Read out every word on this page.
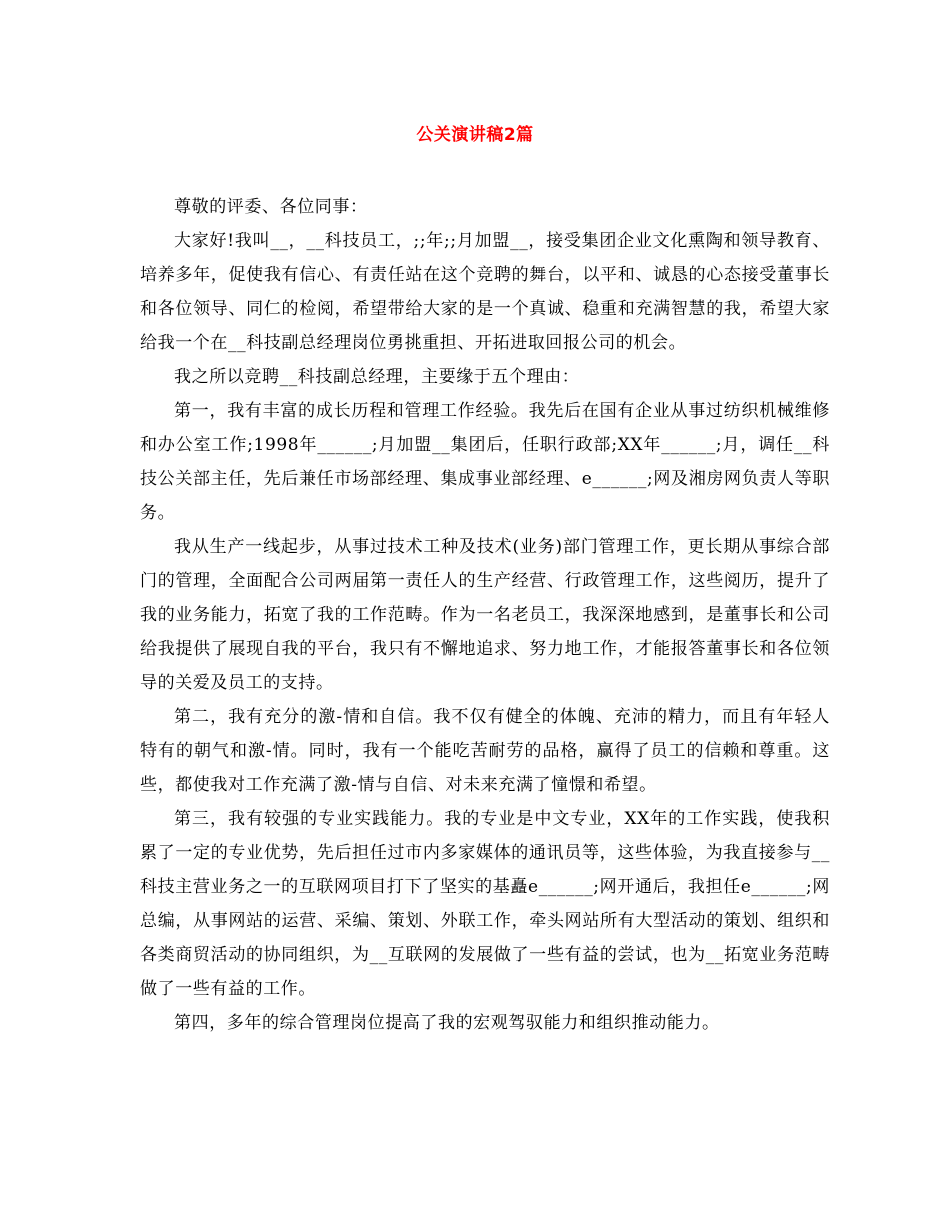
公关演讲稿2篇

尊敬的评委、各位同事：

大家好!我叫__，__科技员工，;;年;;月加盟__，接受集团企业文化熏陶和领导教育、培养多年，促使我有信心、有责任站在这个竞聘的舞台，以平和、诚恳的心态接受董事长和各位领导、同仁的检阅，希望带给大家的是一个真诚、稳重和充满智慧的我，希望大家给我一个在__科技副总经理岗位勇挑重担、开拓进取回报公司的机会。

我之所以竞聘__科技副总经理，主要缘于五个理由：

第一，我有丰富的成长历程和管理工作经验。我先后在国有企业从事过纺织机械维修和办公室工作;1998年______;月加盟__集团后，任职行政部;XX年______;月，调任__科技公关部主任，先后兼任市场部经理、集成事业部经理、e______;网及湘房网负责人等职务。

我从生产一线起步，从事过技术工种及技术(业务)部门管理工作，更长期从事综合部门的管理，全面配合公司两届第一责任人的生产经营、行政管理工作，这些阅历，提升了我的业务能力，拓宽了我的工作范畴。作为一名老员工，我深深地感到，是董事长和公司给我提供了展现自我的平台，我只有不懈地追求、努力地工作，才能报答董事长和各位领导的关爱及员工的支持。

第二，我有充分的激-情和自信。我不仅有健全的体魄、充沛的精力，而且有年轻人特有的朝气和激-情。同时，我有一个能吃苦耐劳的品格，赢得了员工的信赖和尊重。这些，都使我对工作充满了激-情与自信、对未来充满了憧憬和希望。

第三，我有较强的专业实践能力。我的专业是中文专业，XX年的工作实践，使我积累了一定的专业优势，先后担任过市内多家媒体的通讯员等，这些体验，为我直接参与__科技主营业务之一的互联网项目打下了坚实的基矗e______;网开通后，我担任e______;网总编，从事网站的运营、采编、策划、外联工作，牵头网站所有大型活动的策划、组织和各类商贸活动的协同组织，为__互联网的发展做了一些有益的尝试，也为__拓宽业务范畴做了一些有益的工作。

第四，多年的综合管理岗位提高了我的宏观驾驭能力和组织推动能力。
